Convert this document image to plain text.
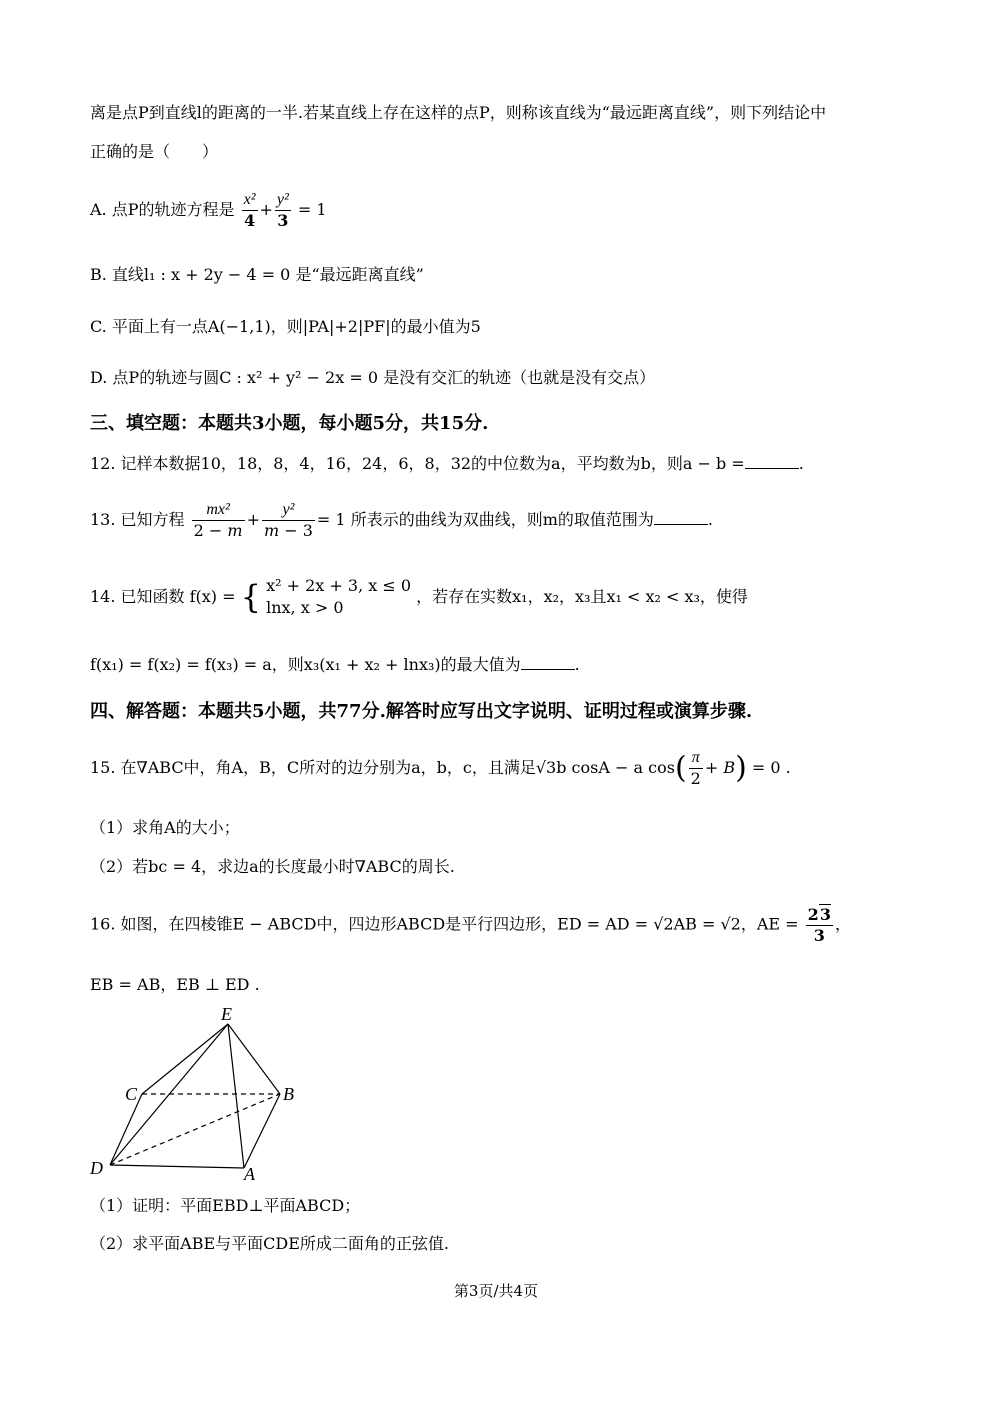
离是点P到直线l的距离的一半.若某直线上存在这样的点P，则称该直线为“最远距离直线”，则下列结论中
正确的是（　　）
A. 点P的轨迹方程是 $\frac{\text{x²}}{4} + \frac{\text{y²}}{3} = 1$
B. 直线l₁ : x + 2y − 4 = 0 是“最远距离直线”
C. 平面上有一点A(−1,1)，则|PA|+2|PF|的最小值为5
D. 点P的轨迹与圆C : x² + y² − 2x = 0 是没有交汇的轨迹（也就是没有交点）
三、填空题：本题共3小题，每小题5分，共15分.
12. 记样本数据10，18，8，4，16，24，6，8，32的中位数为a，平均数为b，则a − b =	.
13. 已知方程 $\frac{\text{mx²}}{2 - m} + \frac{\text{y²}}{m - 3} = 1$ 所表示的曲线为双曲线，则m的取值范围为	.
14. 已知函数 f(x) = { x² + 2x + 3, x ≤ 0
lnx, x > 0
，若存在实数x₁，x₂，x₃且x₁ < x₂ < x₃，使得
f(x₁) = f(x₂) = f(x₃) = a，则x₃(x₁ + x₂ + lnx₃)的最大值为	.
四、解答题：本题共5小题，共77分.解答时应写出文字说明、证明过程或演算步骤.
15. 在∇ABC中，角A，B，C所对的边分别为a，b，c，且满足√3b cosA − a $\cos( \frac{\pi}{2} + B) = 0$ .
（1）求角A的大小；
（2）若bc = 4，求边a的长度最小时∇ABC的周长.
16. 如图，在四棱锥E − ABCD中，四边形ABCD是平行四边形，ED = AD = √2AB = √2，AE = $\frac{23}{3}$ ，
EB = AB，EB ⊥ ED .
E
C	B
D	A
（1）证明：平面EBD⊥平面ABCD；
（2）求平面ABE与平面CDE所成二面角的正弦值.
第3页/共4页
